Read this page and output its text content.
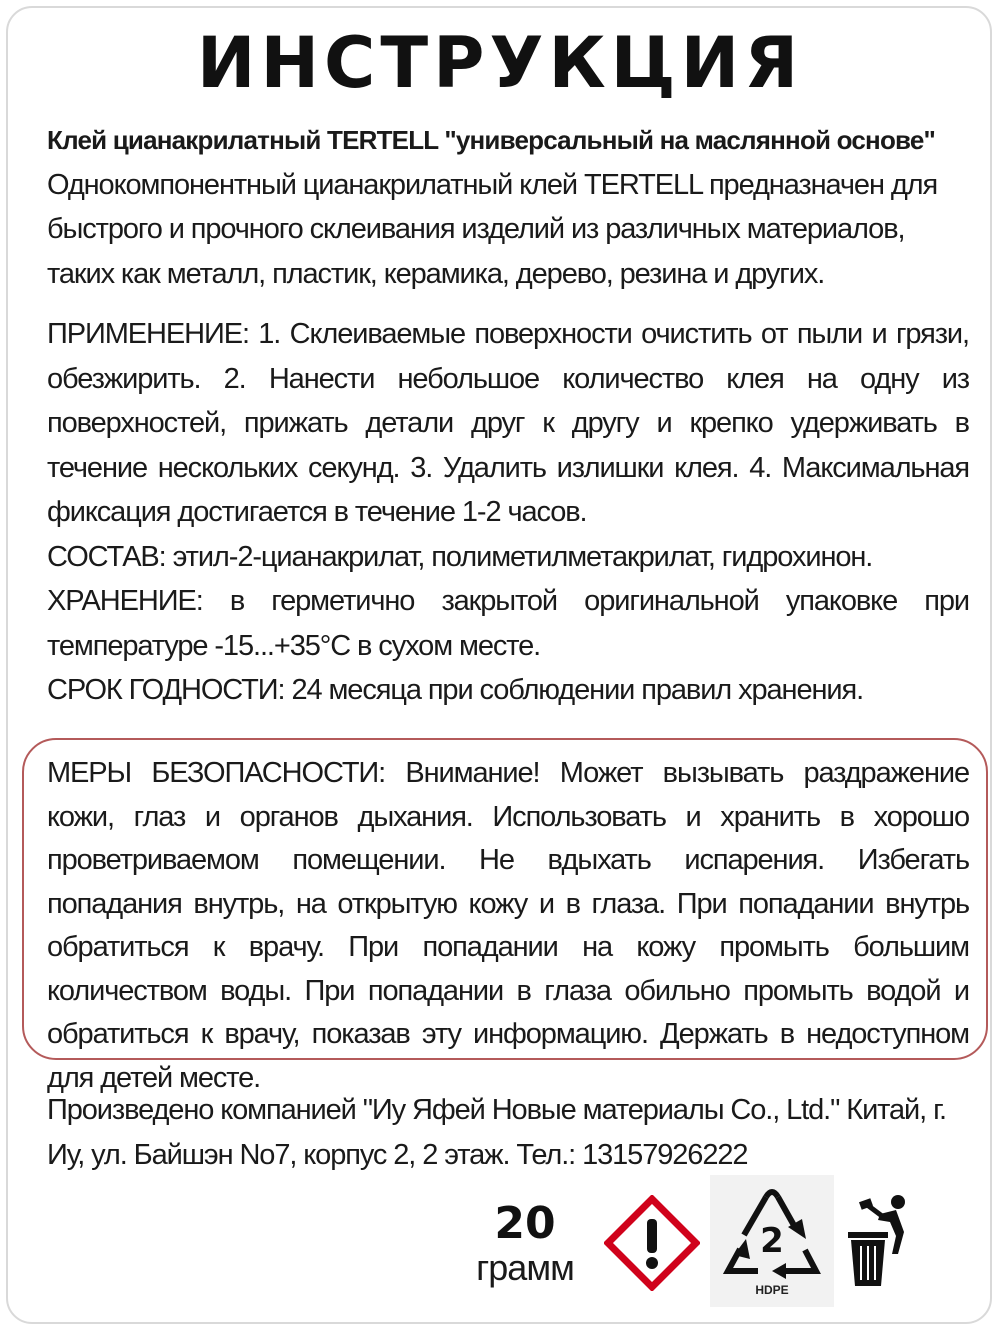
ИНСТРУКЦИЯ
Клей цианакрилатный TERTELL "универсальный на маслянной основе"
Однокомпонентный цианакрилатный клей TERTELL предназначен для быстрого и прочного склеивания изделий из различных материалов, таких как металл, пластик, керамика, дерево, резина и других.
ПРИМЕНЕНИЕ: 1. Склеиваемые поверхности очистить от пыли и грязи, обезжирить. 2. Нанести небольшое количество клея на одну из поверхностей, прижать детали друг к другу и крепко удерживать в течение нескольких секунд. 3. Удалить излишки клея. 4. Максимальная фиксация достигается в течение 1-2 часов.
СОСТАВ: этил-2-цианакрилат, полиметилметакрилат, гидрохинон.
ХРАНЕНИЕ: в герметично закрытой оригинальной упаковке при температуре -15...+35°С в сухом месте.
СРОК ГОДНОСТИ: 24 месяца при соблюдении правил хранения.
МЕРЫ БЕЗОПАСНОСТИ: Внимание! Может вызывать раздражение кожи, глаз и органов дыхания. Использовать и хранить в хорошо проветриваемом помещении. Не вдыхать испарения. Избегать попадания внутрь, на открытую кожу и в глаза. При попадании внутрь обратиться к врачу. При попадании на кожу промыть большим количеством воды. При попадании в глаза обильно промыть водой и обратиться к врачу, показав эту информацию. Держать в недоступном для детей месте.
Произведено компанией "Иу Яфей Новые материалы Co., Ltd." Китай, г. Иу, ул. Байшэн No7, корпус 2, 2 этаж. Тел.: 13157926222
20
грамм
2
HDPE
